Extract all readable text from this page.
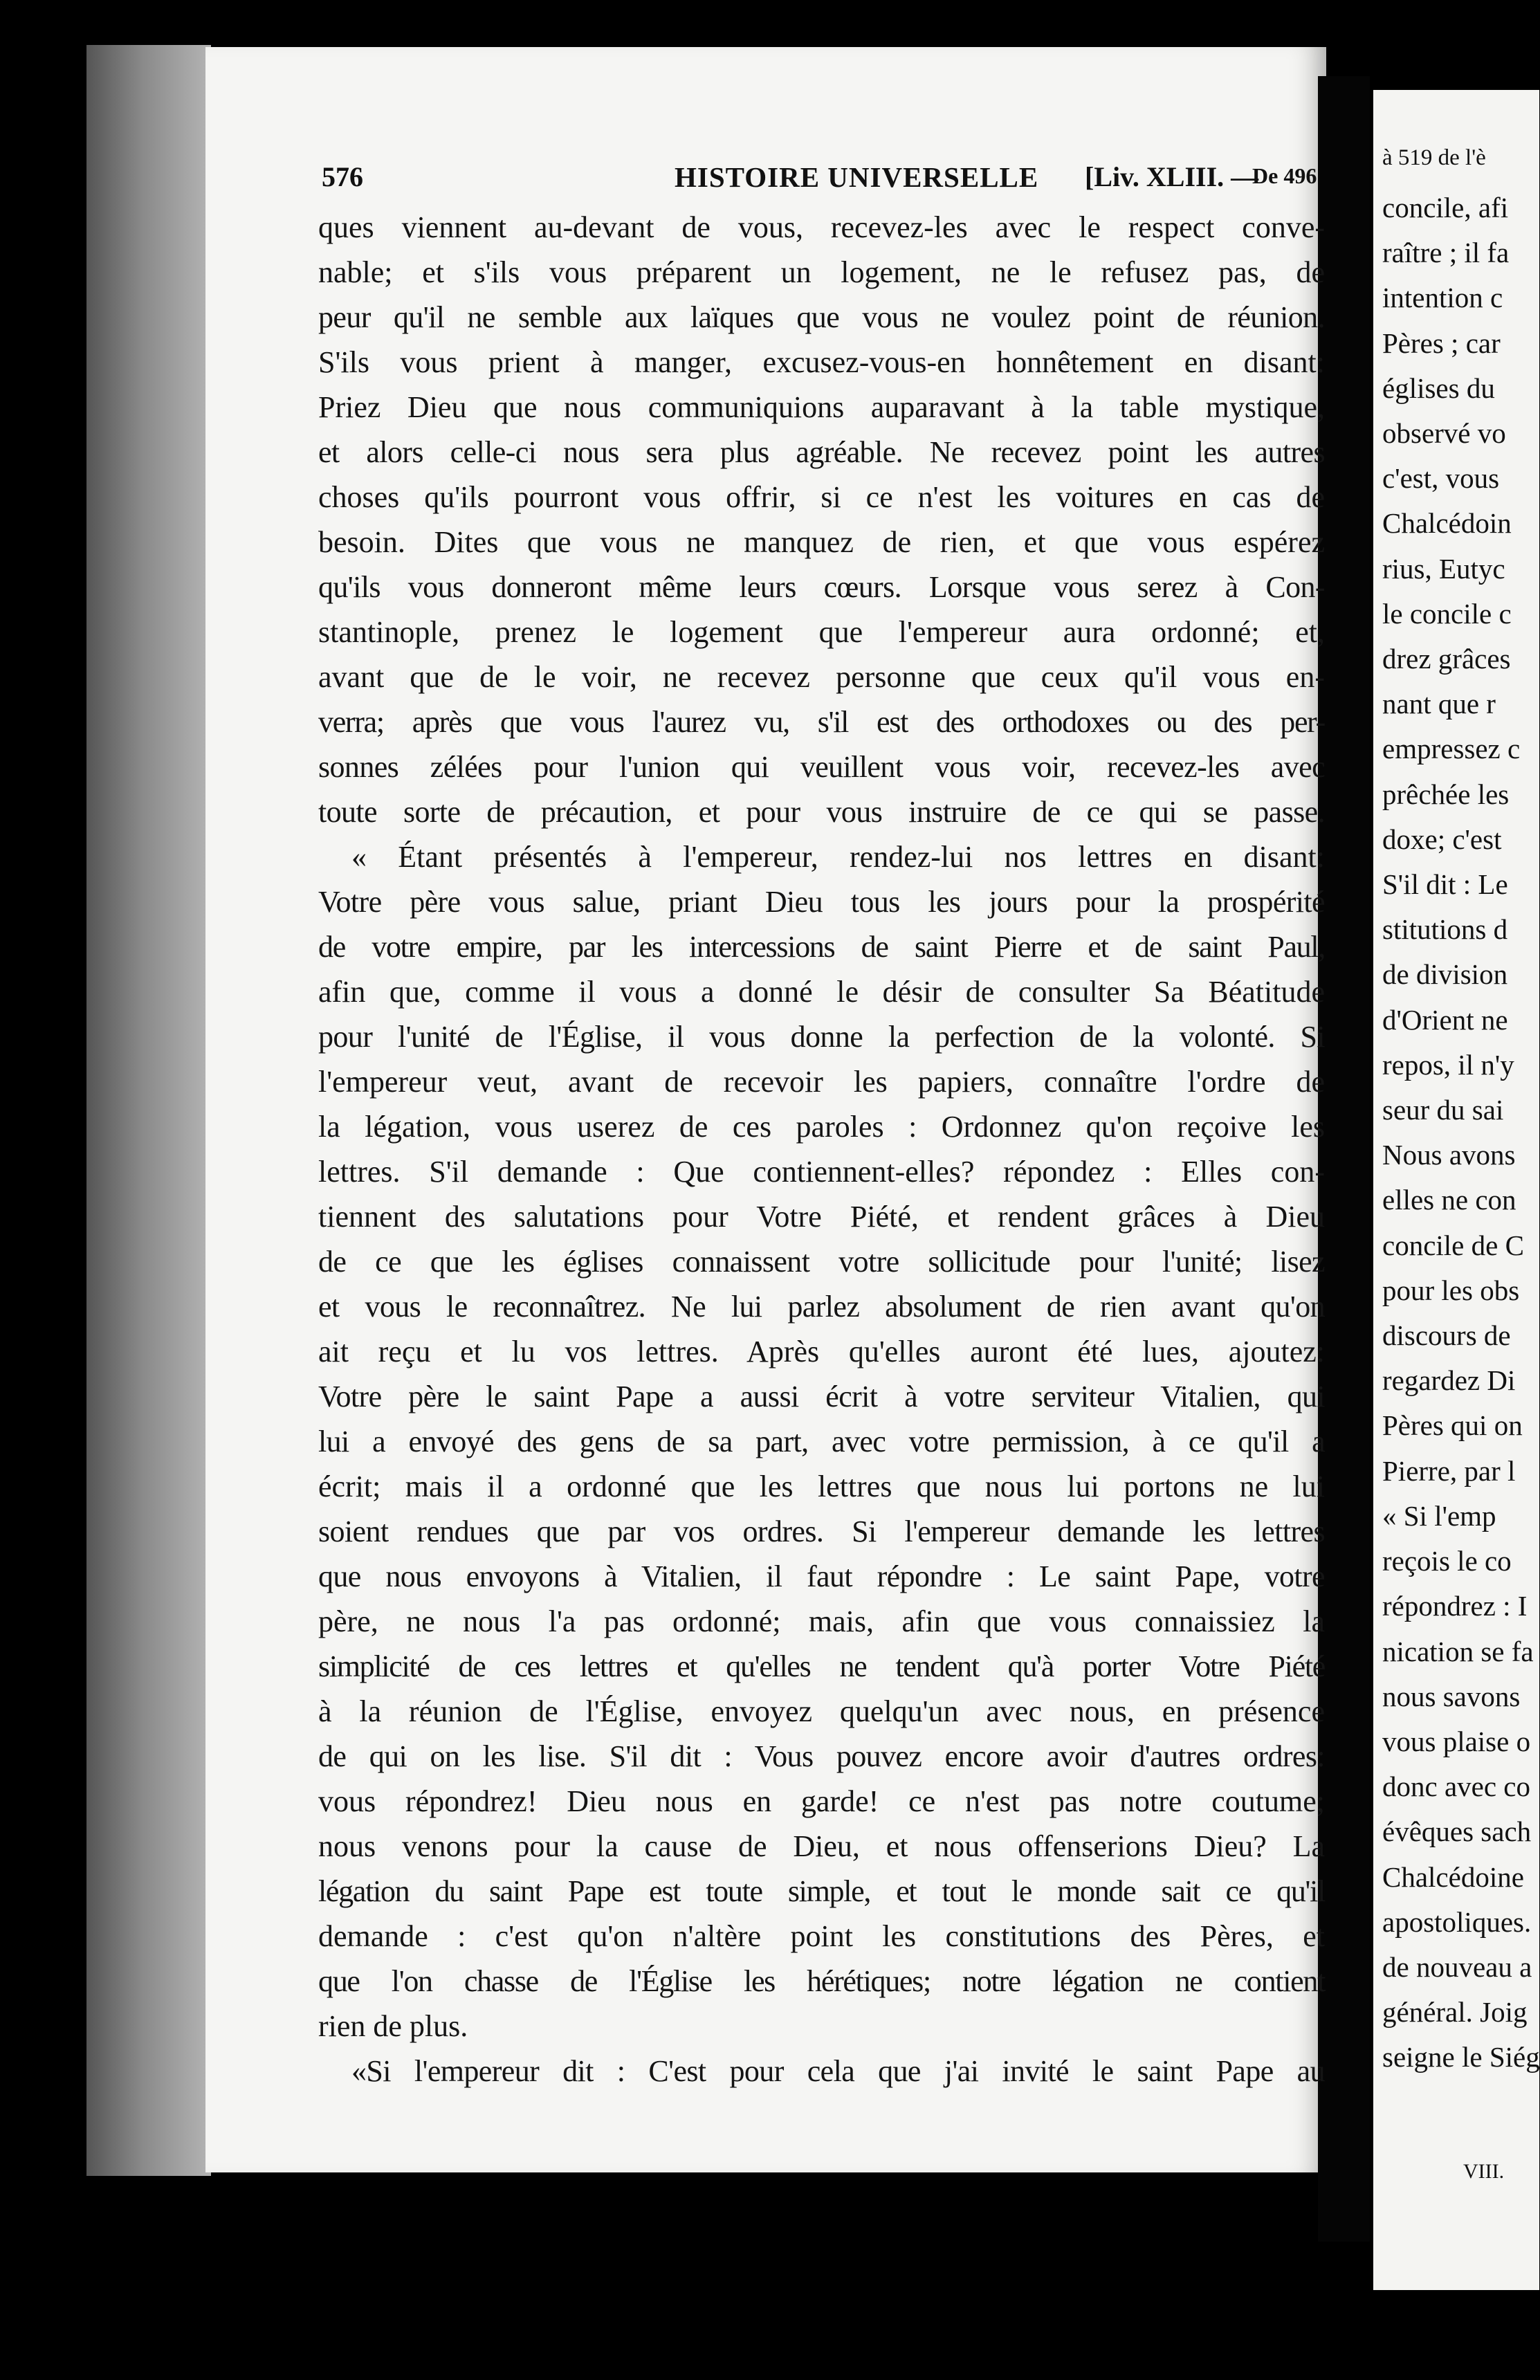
576	HISTOIRE UNIVERSELLE [Liv. XLIII. —
De 496
ques viennent au-devant de vous, recevez-les avec le respect conve-
nable; et s'ils vous préparent un logement, ne le refusez pas, de
peur qu'il ne semble aux laïques que vous ne voulez point de réunion.
S'ils vous prient à manger, excusez-vous-en honnêtement en disant:
Priez Dieu que nous communiquions auparavant à la table mystique,
et alors celle-ci nous sera plus agréable. Ne recevez point les autres
choses qu'ils pourront vous offrir, si ce n'est les voitures en cas de
besoin. Dites que vous ne manquez de rien, et que vous espérez
qu'ils vous donneront même leurs cœurs. Lorsque vous serez à Con-
stantinople, prenez le logement que l'empereur aura ordonné; et,
avant que de le voir, ne recevez personne que ceux qu'il vous en-
verra; après que vous l'aurez vu, s'il est des orthodoxes ou des per-
sonnes zélées pour l'union qui veuillent vous voir, recevez-les avec
toute sorte de précaution, et pour vous instruire de ce qui se passe.
« Étant présentés à l'empereur, rendez-lui nos lettres en disant:
Votre père vous salue, priant Dieu tous les jours pour la prospérité
de votre empire, par les intercessions de saint Pierre et de saint Paul,
afin que, comme il vous a donné le désir de consulter Sa Béatitude
pour l'unité de l'Église, il vous donne la perfection de la volonté. Si
l'empereur veut, avant de recevoir les papiers, connaître l'ordre de
la légation, vous userez de ces paroles : Ordonnez qu'on reçoive les
lettres. S'il demande : Que contiennent-elles? répondez : Elles con-
tiennent des salutations pour Votre Piété, et rendent grâces à Dieu
de ce que les églises connaissent votre sollicitude pour l'unité; lisez
et vous le reconnaîtrez. Ne lui parlez absolument de rien avant qu'on
ait reçu et lu vos lettres. Après qu'elles auront été lues, ajoutez:
Votre père le saint Pape a aussi écrit à votre serviteur Vitalien, qui
lui a envoyé des gens de sa part, avec votre permission, à ce qu'il a
écrit; mais il a ordonné que les lettres que nous lui portons ne lui
soient rendues que par vos ordres. Si l'empereur demande les lettres
que nous envoyons à Vitalien, il faut répondre : Le saint Pape, votre
père, ne nous l'a pas ordonné; mais, afin que vous connaissiez la
simplicité de ces lettres et qu'elles ne tendent qu'à porter Votre Piété
à la réunion de l'Église, envoyez quelqu'un avec nous, en présence
de qui on les lise. S'il dit : Vous pouvez encore avoir d'autres ordres:
vous répondrez! Dieu nous en garde! ce n'est pas notre coutume;
nous venons pour la cause de Dieu, et nous offenserions Dieu? La
légation du saint Pape est toute simple, et tout le monde sait ce qu'il
demande : c'est qu'on n'altère point les constitutions des Pères, et
que l'on chasse de l'Église les hérétiques; notre légation ne contient
rien de plus.
«Si l'empereur dit : C'est pour cela que j'ai invité le saint Pape au
à 519 de l'è
concile, afi
raître ; il fa
intention c
Pères ; car
églises du
observé vo
c'est, vous
Chalcédoin
rius, Eutyc
le concile c
drez grâces
nant que r
empressez c
prêchée les
doxe; c'est
S'il dit : Le
stitutions d
de division
d'Orient ne
repos, il n'y
seur du sai
Nous avons
elles ne con
concile de C
pour les obs
discours de
regardez Di
Pères qui on
Pierre, par l
« Si l'emp
reçois le co
répondrez : I
nication se fa
nous savons
vous plaise o
donc avec co
évêques sach
Chalcédoine
apostoliques.
de nouveau a
général. Joig
seigne le Siég
VIII.
